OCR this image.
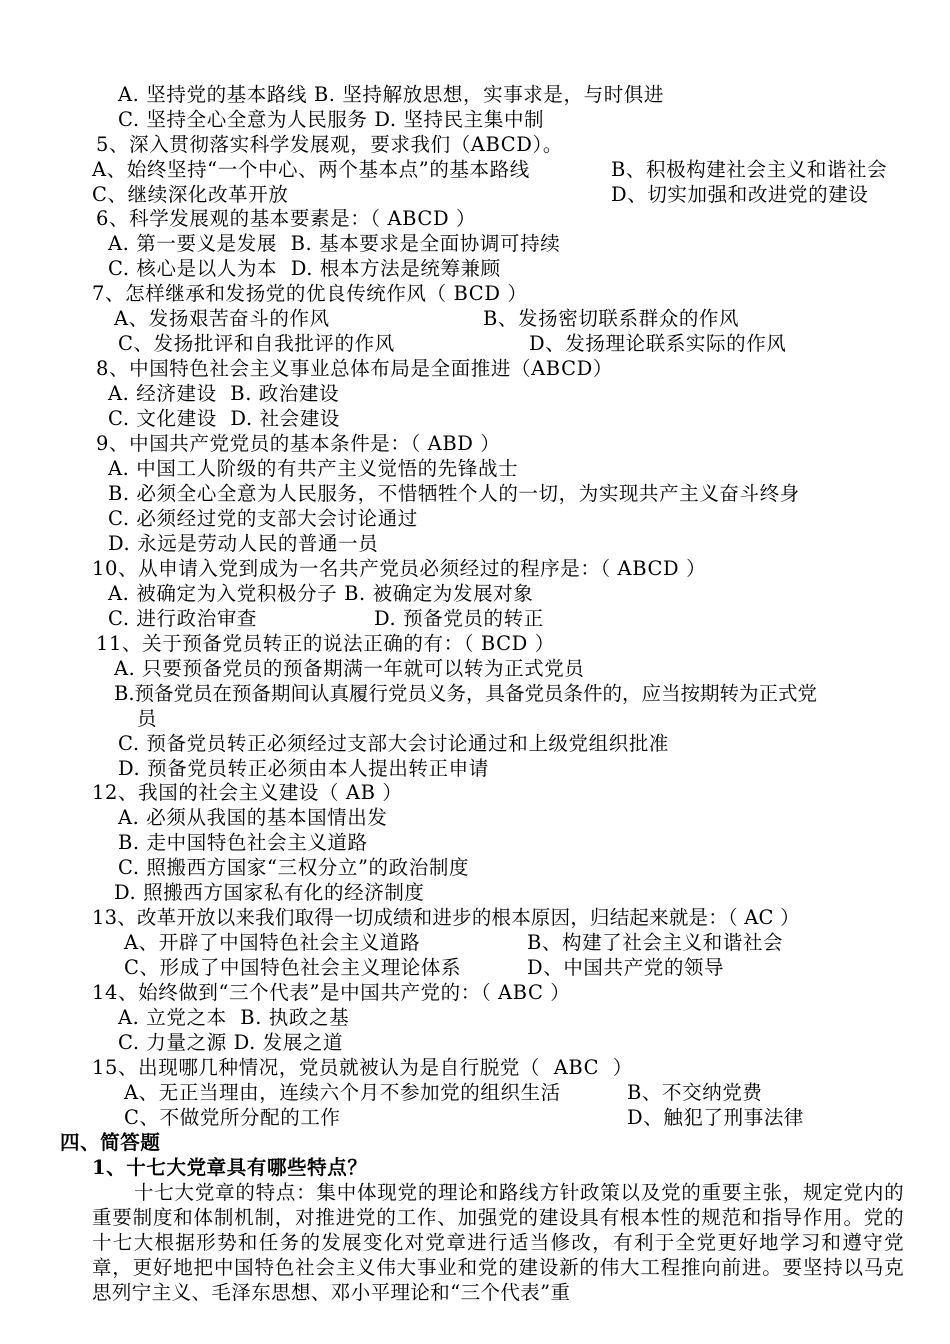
A. 坚持党的基本路线 B. 坚持解放思想，实事求是，与时俱进
C. 坚持全心全意为人民服务 D. 坚持民主集中制
5、深入贯彻落实科学发展观，要求我们（ABCD）。
A、始终坚持“一个中心、两个基本点”的基本路线	B、积极构建社会主义和谐社会
C、继续深化改革开放	D、切实加强和改进党的建设
6、科学发展观的基本要素是：（ ABCD ）
A. 第一要义是发展  B. 基本要求是全面协调可持续
C. 核心是以人为本  D. 根本方法是统筹兼顾
7、怎样继承和发扬党的优良传统作风（ BCD ）
A、发扬艰苦奋斗的作风	B、发扬密切联系群众的作风
C、发扬批评和自我批评的作风	D、发扬理论联系实际的作风
8、中国特色社会主义事业总体布局是全面推进（ABCD）
A. 经济建设  B. 政治建设
C. 文化建设  D. 社会建设
9、中国共产党党员的基本条件是：（ ABD ）
A. 中国工人阶级的有共产主义觉悟的先锋战士
B. 必须全心全意为人民服务，不惜牺牲个人的一切，为实现共产主义奋斗终身
C. 必须经过党的支部大会讨论通过
D. 永远是劳动人民的普通一员
10、从申请入党到成为一名共产党员必须经过的程序是：（ ABCD ）
A. 被确定为入党积极分子 B. 被确定为发展对象
C. 进行政治审查	D. 预备党员的转正
11、关于预备党员转正的说法正确的有：（ BCD ）
A. 只要预备党员的预备期满一年就可以转为正式党员
B.预备党员在预备期间认真履行党员义务，具备党员条件的，应当按期转为正式党
员
C. 预备党员转正必须经过支部大会讨论通过和上级党组织批准
D. 预备党员转正必须由本人提出转正申请
12、我国的社会主义建设（ AB ）
A. 必须从我国的基本国情出发
B. 走中国特色社会主义道路
C. 照搬西方国家“三权分立”的政治制度
D. 照搬西方国家私有化的经济制度
13、改革开放以来我们取得一切成绩和进步的根本原因，归结起来就是：（ AC ）
A、开辟了中国特色社会主义道路	B、构建了社会主义和谐社会
C、形成了中国特色社会主义理论体系	D、中国共产党的领导
14、始终做到“三个代表”是中国共产党的：（ ABC ）
A. 立党之本  B. 执政之基
C. 力量之源 D. 发展之道
15、出现哪几种情况，党员就被认为是自行脱党（  ABC  ）
A、无正当理由，连续六个月不参加党的组织生活	B、不交纳党费
C、不做党所分配的工作	D、触犯了刑事法律
四、简答题
1、十七大党章具有哪些特点？
十七大党章的特点：集中体现党的理论和路线方针政策以及党的重要主张，规定党内的重要制度和体制机制，对推进党的工作、加强党的建设具有根本性的规范和指导作用。党的十七大根据形势和任务的发展变化对党章进行适当修改，有利于全党更好地学习和遵守党章，更好地把中国特色社会主义伟大事业和党的建设新的伟大工程推向前进。要坚持以马克思列宁主义、毛泽东思想、邓小平理论和“三个代表”重
